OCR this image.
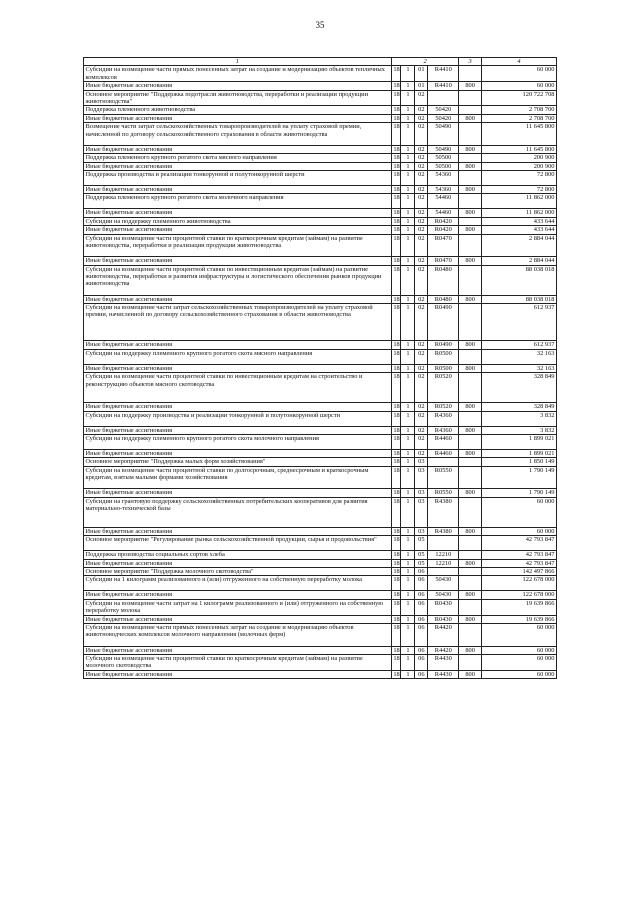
35
1	2				3	4
Субсидии на возмещение части прямых понесенных затрат на создание и модернизацию объектов тепличных комплексов	18	1	01	R4410		60 000
Иные бюджетные ассигнования	18	1	01	R4410	800	60 000
Основное мероприятие "Поддержка подотрасли животноводства, переработки и реализации продукции животноводства"	18	1	02			120 722 708
Поддержка племенного животноводства	18	1	02	50420		2 708 700
Иные бюджетные ассигнования	18	1	02	50420	800	2 708 700
Возмещение части затрат сельскохозяйственных товаропроизводителей на уплату страховой премии, начисленной по договору сельскохозяйственного страхования в области животноводства	18	1	02	50490		11 645 800
Иные бюджетные ассигнования	18	1	02	50490	800	11 645 800
Поддержка племенного крупного рогатого скота мясного направления	18	1	02	50500		200 900
Иные бюджетные ассигнования	18	1	02	50500	800	200 900
Поддержка производства и реализации тонкорунной и полутонкорунной шерсти	18	1	02	54360		72 800
Иные бюджетные ассигнования	18	1	02	54360	800	72 800
Поддержка племенного крупного рогатого скота молочного направления	18	1	02	54460		11 862 000
Иные бюджетные ассигнования	18	1	02	54460	800	11 862 000
Субсидии на поддержку племенного животноводства	18	1	02	R0420		433 644
Иные бюджетные ассигнования	18	1	02	R0420	800	433 644
Субсидии на возмещение части процентной ставки по краткосрочным кредитам (займам) на развитие животноводства, переработки и реализации продукции животноводства	18	1	02	R0470		2 884 044
Иные бюджетные ассигнования	18	1	02	R0470	800	2 884 044
Субсидии на возмещение части процентной ставки по инвестиционным кредитам (займам) на развитие животноводства, переработки и развития инфраструктуры и логистического обеспечения рынков продукции животноводства	18	1	02	R0480		88 038 018
Иные бюджетные ассигнования	18	1	02	R0480	800	88 038 018
Субсидии на возмещение части затрат сельскохозяйственных товаропроизводителей на уплату страховой премии, начисленной по договору сельскохозяйственного страхования в области животноводства	18	1	02	R0490		612 937
Иные бюджетные ассигнования	18	1	02	R0490	800	612 937
Субсидии на поддержку племенного крупного рогатого скота мясного направления	18	1	02	R0500		32 163
Иные бюджетные ассигнования	18	1	02	R0500	800	32 163
Субсидии на возмещение части процентной ставки по инвестиционным кредитам на строительство и реконструкцию объектов мясного скотоводства	18	1	02	R0520		328 849
Иные бюджетные ассигнования	18	1	02	R0520	800	328 849
Субсидии на поддержку производства и реализации тонкорунной и полутонкорунной шерсти	18	1	02	R4360		3 832
Иные бюджетные ассигнования	18	1	02	R4360	800	3 832
Субсидии на поддержку племенного крупного рогатого скота молочного направления	18	1	02	R4460		1 899 021
Иные бюджетные ассигнования	18	1	02	R4460	800	1 899 021
Основное мероприятие "Поддержка малых форм хозяйствования"	18	1	03			1 850 149
Субсидии на возмещение части процентной ставки по долгосрочным, среднесрочным и краткосрочным кредитам, взятым малыми формами хозяйствования	18	1	03	R0550		1 790 149
Иные бюджетные ассигнования	18	1	03	R0550	800	1 790 149
Субсидии на грантовую поддержку сельскохозяйственных потребительских кооперативов для развития материально-технической базы	18	1	03	R4380		60 000
Иные бюджетные ассигнования	18	1	03	R4380	800	60 000
Основное мероприятие "Регулирование рынка сельскохозяйственной продукции, сырья и продовольствия"	18	1	05			42 793 847
Поддержка производства социальных сортов хлеба	18	1	05	12210		42 793 847
Иные бюджетные ассигнования	18	1	05	12210	800	42 793 847
Основное мероприятие "Поддержка молочного скотоводства"	18	1	06			142 497 866
Субсидии на 1 килограмм реализованного и (или) отгруженного на собственную переработку молока	18	1	06	50430		122 678 000
Иные бюджетные ассигнования	18	1	06	50430	800	122 678 000
Субсидии на возмещение части затрат на 1 килограмм реализованного и (или) отгруженного на собственную переработку молока	18	1	06	R0430		19 639 866
Иные бюджетные ассигнования	18	1	06	R0430	800	19 639 866
Субсидии на возмещение части прямых понесенных затрат на создание и модернизацию объектов животноводческих комплексов молочного направления (молочных ферм)	18	1	06	R4420		60 000
Иные бюджетные ассигнования	18	1	06	R4420	800	60 000
Субсидии на возмещение части процентной ставки по краткосрочным кредитам (займам) на развитие молочного скотоводства	18	1	06	R4430		60 000
Иные бюджетные ассигнования	18	1	06	R4430	800	60 000
